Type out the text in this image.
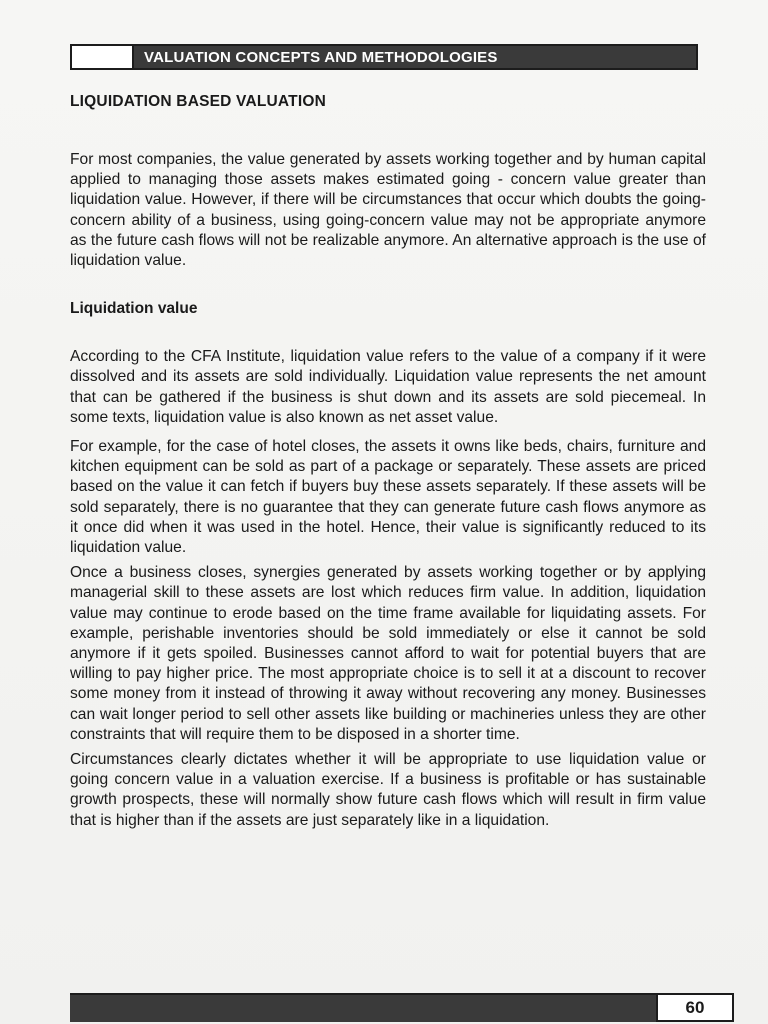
VALUATION CONCEPTS AND METHODOLOGIES
LIQUIDATION BASED VALUATION

For most companies, the value generated by assets working together and by human capital applied to managing those assets makes estimated going - concern value greater than liquidation value. However, if there will be circumstances that occur which doubts the going-concern ability of a business, using going-concern value may not be appropriate anymore as the future cash flows will not be realizable anymore. An alternative approach is the use of liquidation value.

Liquidation value

According to the CFA Institute, liquidation value refers to the value of a company if it were dissolved and its assets are sold individually. Liquidation value represents the net amount that can be gathered if the business is shut down and its assets are sold piecemeal. In some texts, liquidation value is also known as net asset value.

For example, for the case of hotel closes, the assets it owns like beds, chairs, furniture and kitchen equipment can be sold as part of a package or separately. These assets are priced based on the value it can fetch if buyers buy these assets separately. If these assets will be sold separately, there is no guarantee that they can generate future cash flows anymore as it once did when it was used in the hotel. Hence, their value is significantly reduced to its liquidation value.

Once a business closes, synergies generated by assets working together or by applying managerial skill to these assets are lost which reduces firm value. In addition, liquidation value may continue to erode based on the time frame available for liquidating assets. For example, perishable inventories should be sold immediately or else it cannot be sold anymore if it gets spoiled. Businesses cannot afford to wait for potential buyers that are willing to pay higher price. The most appropriate choice is to sell it at a discount to recover some money from it instead of throwing it away without recovering any money. Businesses can wait longer period to sell other assets like building or machineries unless they are other constraints that will require them to be disposed in a shorter time.

Circumstances clearly dictates whether it will be appropriate to use liquidation value or going concern value in a valuation exercise. If a business is profitable or has sustainable growth prospects, these will normally show future cash flows which will result in firm value that is higher than if the assets are just separately like in a liquidation.

60
